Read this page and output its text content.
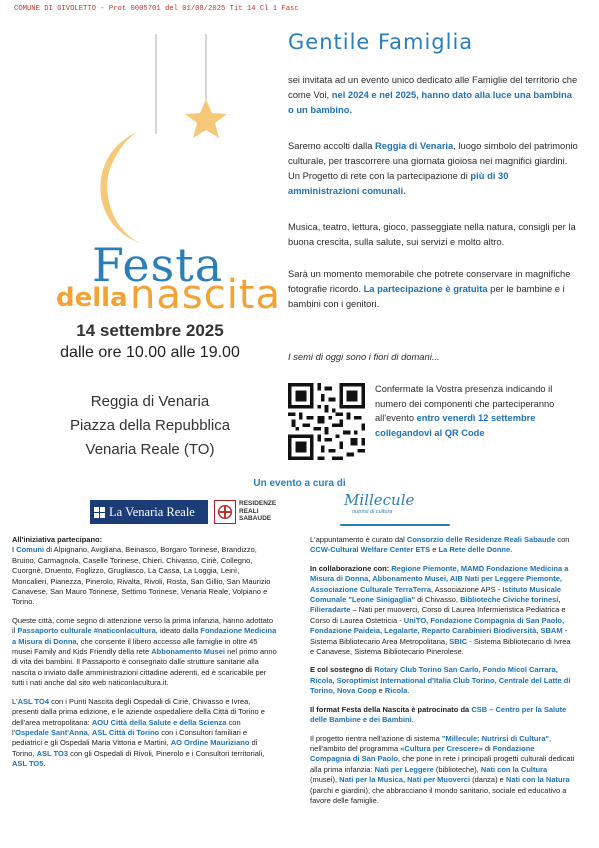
COMUNE DI GIVOLETTO - Prot 0005701 del 01/08/2025 Tit 14 Cl 1 Fasc
Gentile Famiglia
sei invitata ad un evento unico dedicato alle Famiglie del territorio che come Voi, nel 2024 e nel 2025, hanno dato alla luce una bambina o un bambino.
Saremo accolti dalla Reggia di Venaria, luogo simbolo del patrimonio culturale, per trascorrere una giornata gioiosa nei magnifici giardini. Un Progetto di rete con la partecipazione di più di 30 amministrazioni comunali.
Musica, teatro, lettura, gioco, passeggiate nella natura, consigli per la buona crescita, sulla salute, sui servizi e molto altro.
Sarà un momento memorabile che potrete conservare in magnifiche fotografie ricordo. La partecipazione è gratuita per le bambine e i bambini con i genitori.
I semi di oggi sono i fiori di domani...
Festa
della nascita
14 settembre 2025
dalle ore 10.00 alle 19.00
Reggia di Venaria
Piazza della Repubblica
Venaria Reale (TO)
Confermate la Vostra presenza indicando il numero dei componenti che parteciperanno all'evento entro venerdì 12 settembre collegandovi al QR Code
Un evento a cura di
La Venaria Reale
RESIDENZE
REALI
SABAUDE
Millecule
nutrirsi di cultura

All'iniziativa partecipano:

I Comuni di Alpignano, Avigliana, Beinasco, Borgaro Torinese, Brandizzo, Bruino, Carmagnola, Caselle Torinese, Chieri, Chivasso, Ciriè, Collegno, Cuorgnè, Druento, Foglizzo, Grugliasco, La Cassa, La Loggia, Leinì, Moncalieri, Pianezza, Pinerolo, Rivalta, Rivoli, Rosta, San Gillio, San Maurizio Canavese, San Mauro Torinese, Settimo Torinese, Venaria Reale, Volpiano e Torino.

Queste città, come segno di attenzione verso la prima infanzia, hanno adottato il Passaporto culturale #naticonlacultura, ideato dalla Fondazione Medicina a Misura di Donna, che consente il libero accesso alle famiglie in oltre 45 musei Family and Kids Friendly della rete Abbonamento Musei nel primo anno di vita dei bambini. Il Passaporto è consegnato dalle strutture sanitarie alla nascita o inviato dalle amministrazioni cittadine aderenti, ed è scaricabile per tutti i nati anche dal sito web naticonlacultura.it.

L'ASL TO4 con i Punti Nascita degli Ospedali di Ciriè, Chivasso e Ivrea, presenti dalla prima edizione, e le aziende ospedaliere della Città di Torino e dell'area metropolitana: AOU Città della Salute e della Scienza con l'Ospedale Sant'Anna, ASL Città di Torino con i Consultori familiari e pediatrici e gli Ospedali Maria Vittoria e Martini, AO Ordine Mauriziano di Torino, ASL TO3 con gli Ospedali di Rivoli, Pinerolo e i Consultori territoriali, ASL TO5.

L'appuntamento è curato dal Consorzio delle Residenze Reali Sabaude con CCW-Cultural Welfare Center ETS e La Rete delle Donne.

In collaborazione con: Regione Piemonte, MAMD Fondazione Medicina a Misura di Donna, Abbonamento Musei, AIB Nati per Leggere Piemonte, Associazione Culturale TerraTerra, Associazione APS - Istituto Musicale Comunale "Leone Sinigaglia" di Chivasso, Biblioteche Civiche torinesi, Filieradarte – Nati per muoverci, Corso di Laurea Infermieristica Pediatrica e Corso di Laurea Ostetricia - UniTO, Fondazione Compagnia di San Paolo, Fondazione Paideia, Legalarte, Reparto Carabinieri Biodiversità, SBAM - Sistema Bibliotecario Area Metropolitana, SBIC - Sistema Bibliotecario di Ivrea e Canavese, Sistema Bibliotecario Pinerolese.

E col sostegno di Rotary Club Torino San Carlo, Fondo Micol Carrara, Ricola, Soroptimist International d'Italia Club Torino, Centrale del Latte di Torino, Nova Coop e Ricola.

Il format Festa della Nascita è patrocinato da CSB – Centro per la Salute delle Bambine e dei Bambini.

Il progetto rientra nell'azione di sistema "Millecule: Nutrirsi di Cultura", nell'ambito del programma «Cultura per Crescere» di Fondazione Compagnia di San Paolo, che pone in rete i principali progetti culturali dedicati alla prima infanzia: Nati per Leggere (biblioteche), Nati con la Cultura (musei), Nati per la Musica, Nati per Muoverci (danza) e Nati con la Natura (parchi e giardini), che abbracciano il mondo sanitario, sociale ed educativo a favore delle famiglie.
